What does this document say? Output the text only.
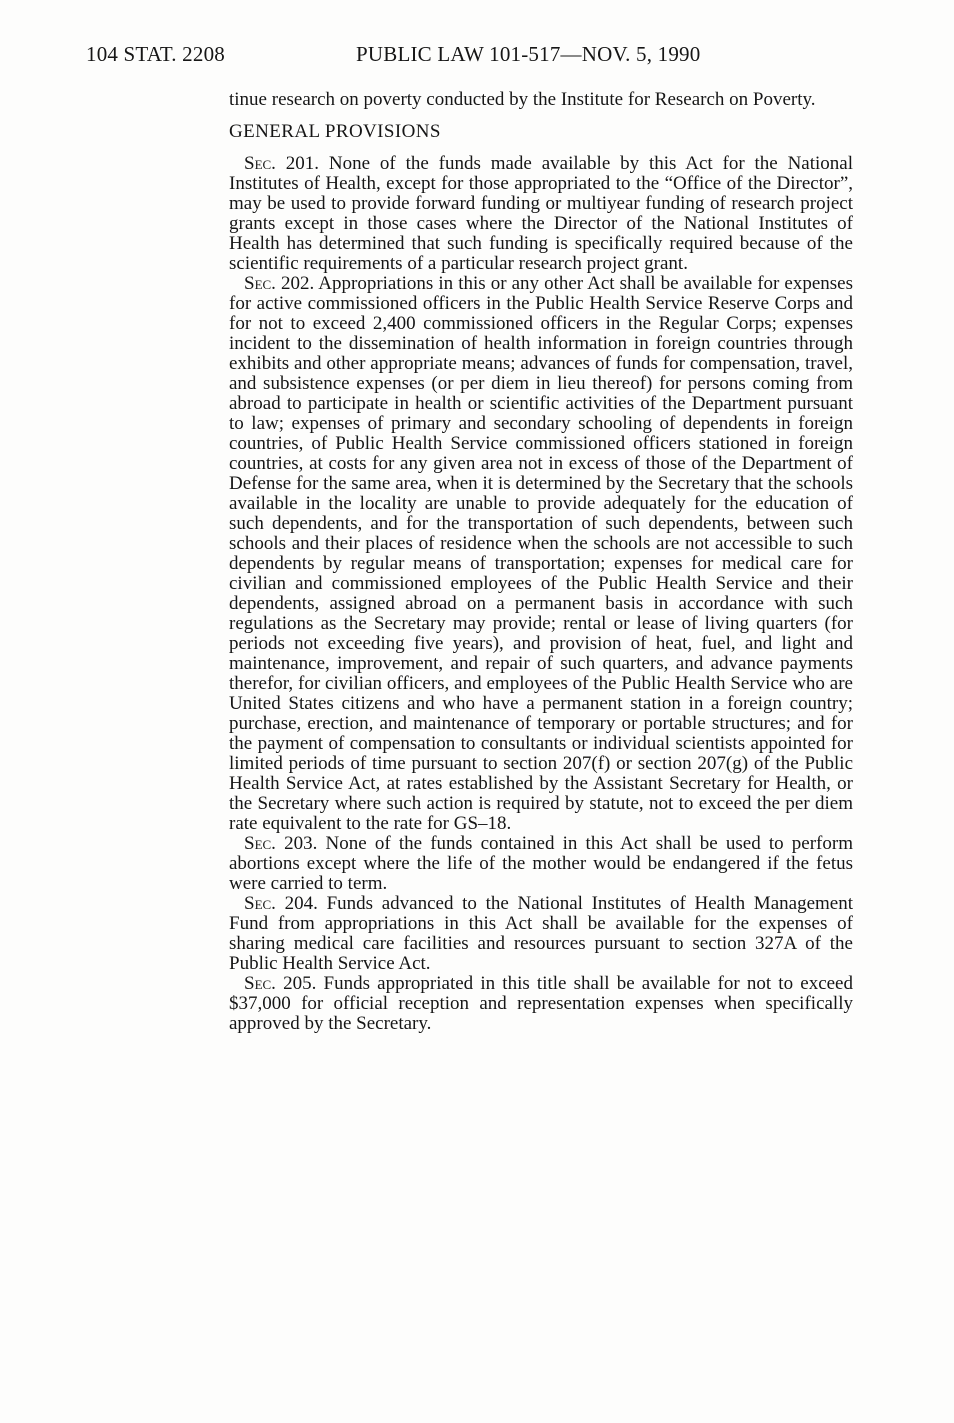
104 STAT. 2208	PUBLIC LAW 101-517—NOV. 5, 1990

tinue research on poverty conducted by the Institute for Research on Poverty.

GENERAL PROVISIONS

Sec. 201. None of the funds made available by this Act for the National Institutes of Health, except for those appropriated to the “Office of the Director”, may be used to provide forward funding or multiyear funding of research project grants except in those cases where the Director of the National Institutes of Health has determined that such funding is specifically required because of the scientific requirements of a particular research project grant.

Sec. 202. Appropriations in this or any other Act shall be available for expenses for active commissioned officers in the Public Health Service Reserve Corps and for not to exceed 2,400 commissioned officers in the Regular Corps; expenses incident to the dissemination of health information in foreign countries through exhibits and other appropriate means; advances of funds for compensation, travel, and subsistence expenses (or per diem in lieu thereof) for persons coming from abroad to participate in health or scientific activities of the Department pursuant to law; expenses of primary and secondary schooling of dependents in foreign countries, of Public Health Service commissioned officers stationed in foreign countries, at costs for any given area not in excess of those of the Department of Defense for the same area, when it is determined by the Secretary that the schools available in the locality are unable to provide adequately for the education of such dependents, and for the transportation of such dependents, between such schools and their places of residence when the schools are not accessible to such dependents by regular means of transportation; expenses for medical care for civilian and commissioned employees of the Public Health Service and their dependents, assigned abroad on a permanent basis in accordance with such regulations as the Secretary may provide; rental or lease of living quarters (for periods not exceeding five years), and provision of heat, fuel, and light and maintenance, improvement, and repair of such quarters, and advance payments therefor, for civilian officers, and employees of the Public Health Service who are United States citizens and who have a permanent station in a foreign country; purchase, erection, and maintenance of temporary or portable structures; and for the payment of compensation to consultants or individual scientists appointed for limited periods of time pursuant to section 207(f) or section 207(g) of the Public Health Service Act, at rates established by the Assistant Secretary for Health, or the Secretary where such action is required by statute, not to exceed the per diem rate equivalent to the rate for GS–18.

Sec. 203. None of the funds contained in this Act shall be used to perform abortions except where the life of the mother would be endangered if the fetus were carried to term.

Sec. 204. Funds advanced to the National Institutes of Health Management Fund from appropriations in this Act shall be available for the expenses of sharing medical care facilities and resources pursuant to section 327A of the Public Health Service Act.

Sec. 205. Funds appropriated in this title shall be available for not to exceed $37,000 for official reception and representation expenses when specifically approved by the Secretary.
